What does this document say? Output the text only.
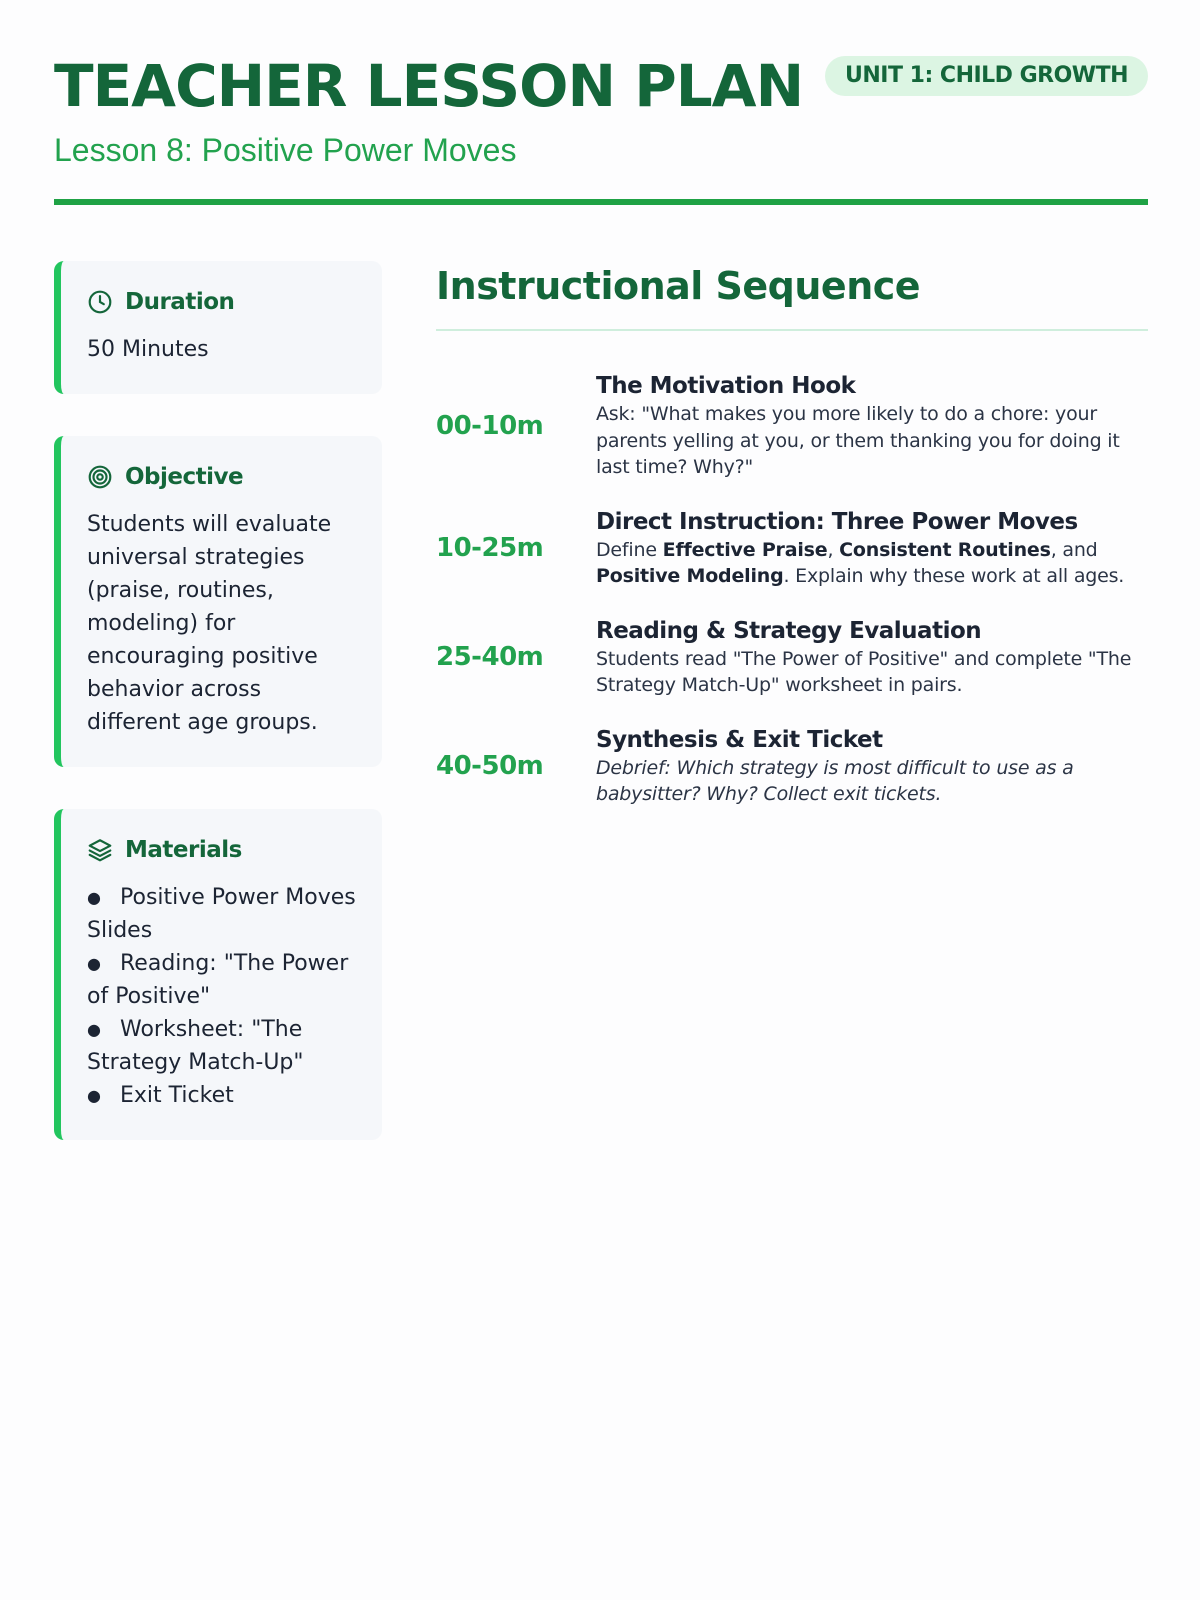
TEACHER LESSON PLAN
Lesson 8: Positive Power Moves
UNIT 1: CHILD GROWTH
Duration
50 Minutes
Objective
Students will evaluate universal strategies (praise, routines, modeling) for encouraging positive behavior across different age groups.
Materials
● Positive Power Moves Slides
● Reading: "The Power of Positive"
● Worksheet: "The Strategy Match-Up"
● Exit Ticket
Instructional Sequence
00-10m
The Motivation Hook
Ask: "What makes you more likely to do a chore: your parents yelling at you, or them thanking you for doing it last time? Why?"
10-25m
Direct Instruction: Three Power Moves
Define Effective Praise, Consistent Routines, and Positive Modeling. Explain why these work at all ages.
25-40m
Reading & Strategy Evaluation
Students read "The Power of Positive" and complete "The Strategy Match-Up" worksheet in pairs.
40-50m
Synthesis & Exit Ticket
Debrief: Which strategy is most difficult to use as a babysitter? Why? Collect exit tickets.
